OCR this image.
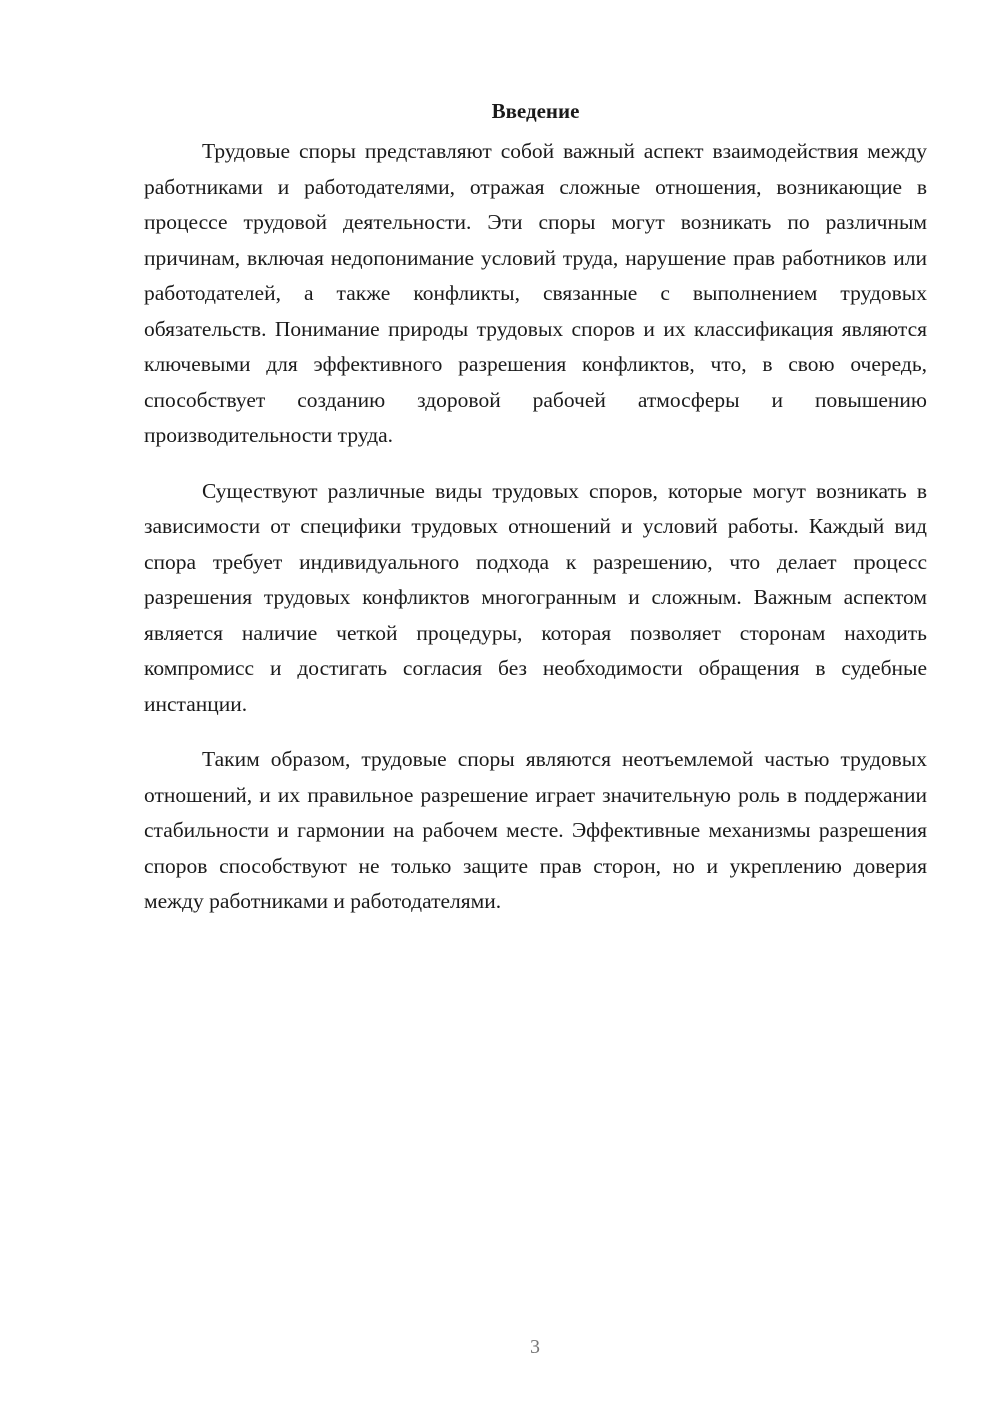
Введение

Трудовые споры представляют собой важный аспект взаимодействия между работниками и работодателями, отражая сложные отношения, возникающие в процессе трудовой деятельности. Эти споры могут возникать по различным причинам, включая недопонимание условий труда, нарушение прав работников или работодателей, а также конфликты, связанные с выполнением трудовых обязательств. Понимание природы трудовых споров и их классификация являются ключевыми для эффективного разрешения конфликтов, что, в свою очередь, способствует созданию здоровой рабочей атмосферы и повышению производительности труда.

Существуют различные виды трудовых споров, которые могут возникать в зависимости от специфики трудовых отношений и условий работы. Каждый вид спора требует индивидуального подхода к разрешению, что делает процесс разрешения трудовых конфликтов многогранным и сложным. Важным аспектом является наличие четкой процедуры, которая позволяет сторонам находить компромисс и достигать согласия без необходимости обращения в судебные инстанции.

Таким образом, трудовые споры являются неотъемлемой частью трудовых отношений, и их правильное разрешение играет значительную роль в поддержании стабильности и гармонии на рабочем месте. Эффективные механизмы разрешения споров способствуют не только защите прав сторон, но и укреплению доверия между работниками и работодателями.

3
